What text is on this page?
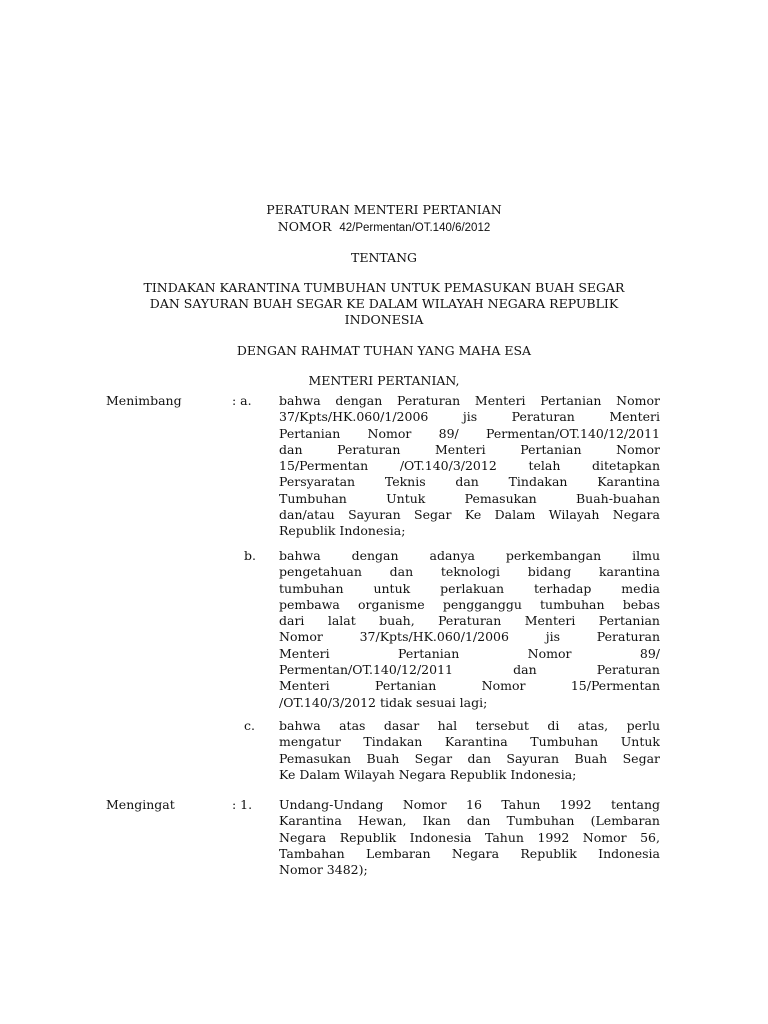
PERATURAN MENTERI PERTANIAN
NOMOR 42/Permentan/OT.140/6/2012
TENTANG
TINDAKAN KARANTINA TUMBUHAN UNTUK PEMASUKAN BUAH SEGAR
DAN SAYURAN BUAH SEGAR KE DALAM WILAYAH NEGARA REPUBLIK
INDONESIA
DENGAN RAHMAT TUHAN YANG MAHA ESA
MENTERI PERTANIAN,
Menimbang	: a. bahwa dengan Peraturan Menteri Pertanian Nomor
37/Kpts/HK.060/1/2006 jis Peraturan Menteri
Pertanian Nomor 89/ Permentan/OT.140/12/2011
dan Peraturan Menteri Pertanian Nomor
15/Permentan /OT.140/3/2012 telah ditetapkan
Persyaratan Teknis dan Tindakan Karantina
Tumbuhan Untuk Pemasukan Buah-buahan
dan/atau Sayuran Segar Ke Dalam Wilayah Negara
Republik Indonesia;
b. bahwa dengan adanya perkembangan ilmu
pengetahuan dan teknologi bidang karantina
tumbuhan untuk perlakuan terhadap media
pembawa organisme pengganggu tumbuhan bebas
dari lalat buah, Peraturan Menteri Pertanian
Nomor 37/Kpts/HK.060/1/2006 jis Peraturan
Menteri Pertanian Nomor 89/
Permentan/OT.140/12/2011 dan Peraturan
Menteri Pertanian Nomor 15/Permentan
/OT.140/3/2012 tidak sesuai lagi;
c. bahwa atas dasar hal tersebut di atas, perlu
mengatur Tindakan Karantina Tumbuhan Untuk
Pemasukan Buah Segar dan Sayuran Buah Segar
Ke Dalam Wilayah Negara Republik Indonesia;
Mengingat	: 1. Undang-Undang Nomor 16 Tahun 1992 tentang
Karantina Hewan, Ikan dan Tumbuhan (Lembaran
Negara Republik Indonesia Tahun 1992 Nomor 56,
Tambahan Lembaran Negara Republik Indonesia
Nomor 3482);
